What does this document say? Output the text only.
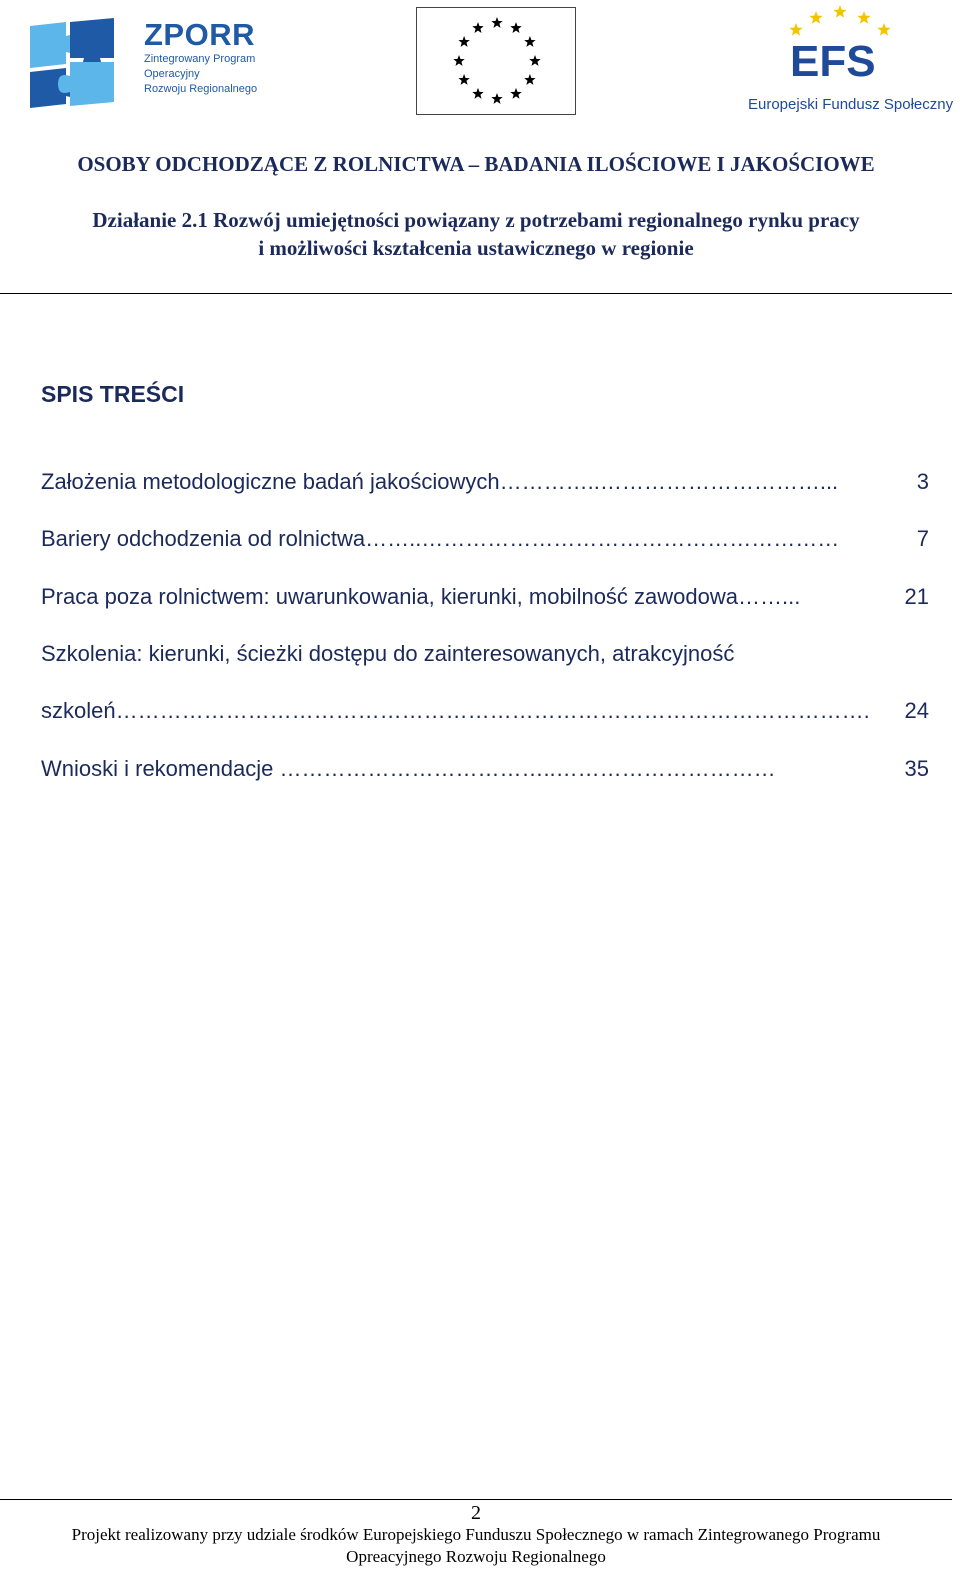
ZPORR
Zintegrowany Program
Operacyjny
Rozwoju Regionalnego
EFS
Europejski Fundusz Społeczny
OSOBY ODCHODZĄCE Z ROLNICTWA – BADANIA ILOŚCIOWE I JAKOŚCIOWE
Działanie 2.1 Rozwój umiejętności powiązany z potrzebami regionalnego rynku pracy
i możliwości kształcenia ustawicznego w regionie
SPIS TREŚCI
Założenia metodologiczne badań jakościowych…………..…………………………...	3
Bariery odchodzenia od rolnictwa……..…………………………………………………	7
Praca poza rolnictwem: uwarunkowania, kierunki, mobilność zawodowa……...	21
Szkolenia: kierunki, ścieżki dostępu do zainteresowanych, atrakcyjność
szkoleń………………………………………………………………………………………….	24
Wnioski i rekomendacje ………………………………..…………………………	35
2
Projekt realizowany przy udziale środków Europejskiego Funduszu Społecznego w ramach Zintegrowanego Programu
Opreacyjnego Rozwoju Regionalnego
